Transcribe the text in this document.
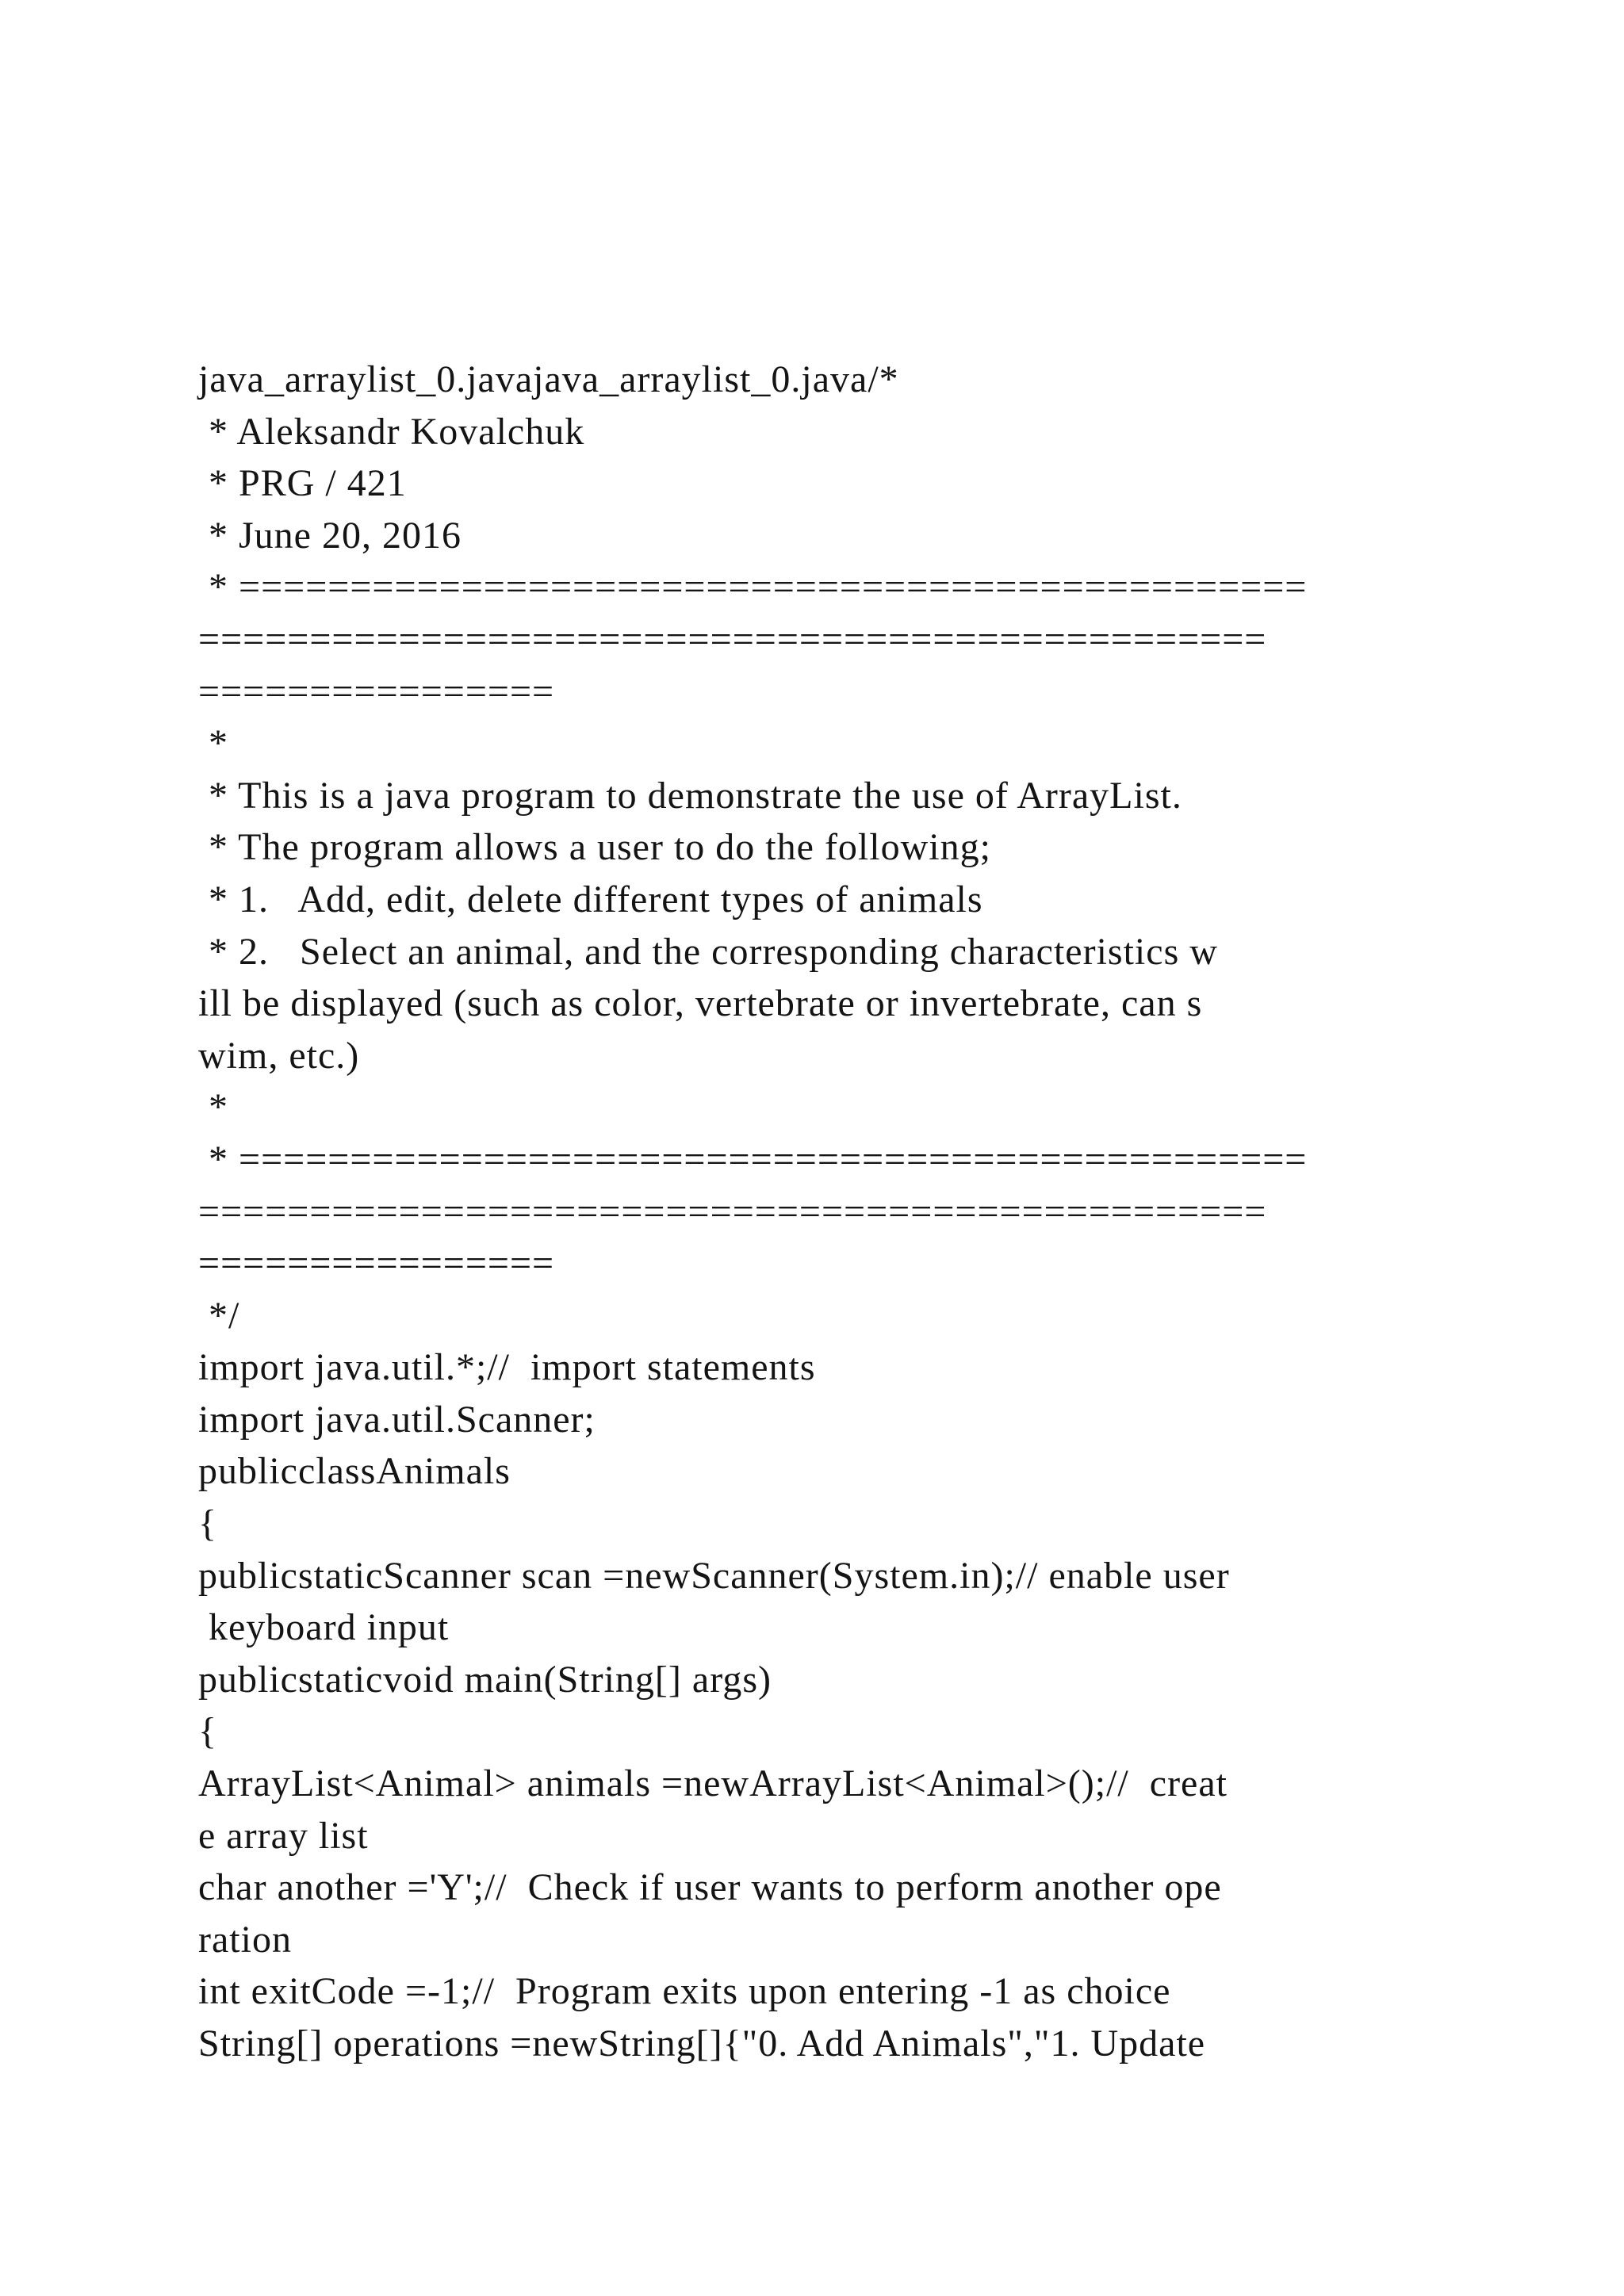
java_arraylist_0.javajava_arraylist_0.java/*
* Aleksandr Kovalchuk
* PRG / 421
* June 20, 2016
* ================================================
================================================
================
*
* This is a java program to demonstrate the use of ArrayList.
* The program allows a user to do the following;
* 1.   Add, edit, delete different types of animals
* 2.   Select an animal, and the corresponding characteristics w
ill be displayed (such as color, vertebrate or invertebrate, can s
wim, etc.)
*
* ================================================
================================================
================
*/
import java.util.*;//  import statements
import java.util.Scanner;
publicclassAnimals
{
publicstaticScanner scan =newScanner(System.in);// enable user
keyboard input
publicstaticvoid main(String[] args)
{
ArrayList<Animal> animals =newArrayList<Animal>();//  creat
e array list
char another ='Y';//  Check if user wants to perform another ope
ration
int exitCode =-1;//  Program exits upon entering -1 as choice
String[] operations =newString[]{"0. Add Animals","1. Update
